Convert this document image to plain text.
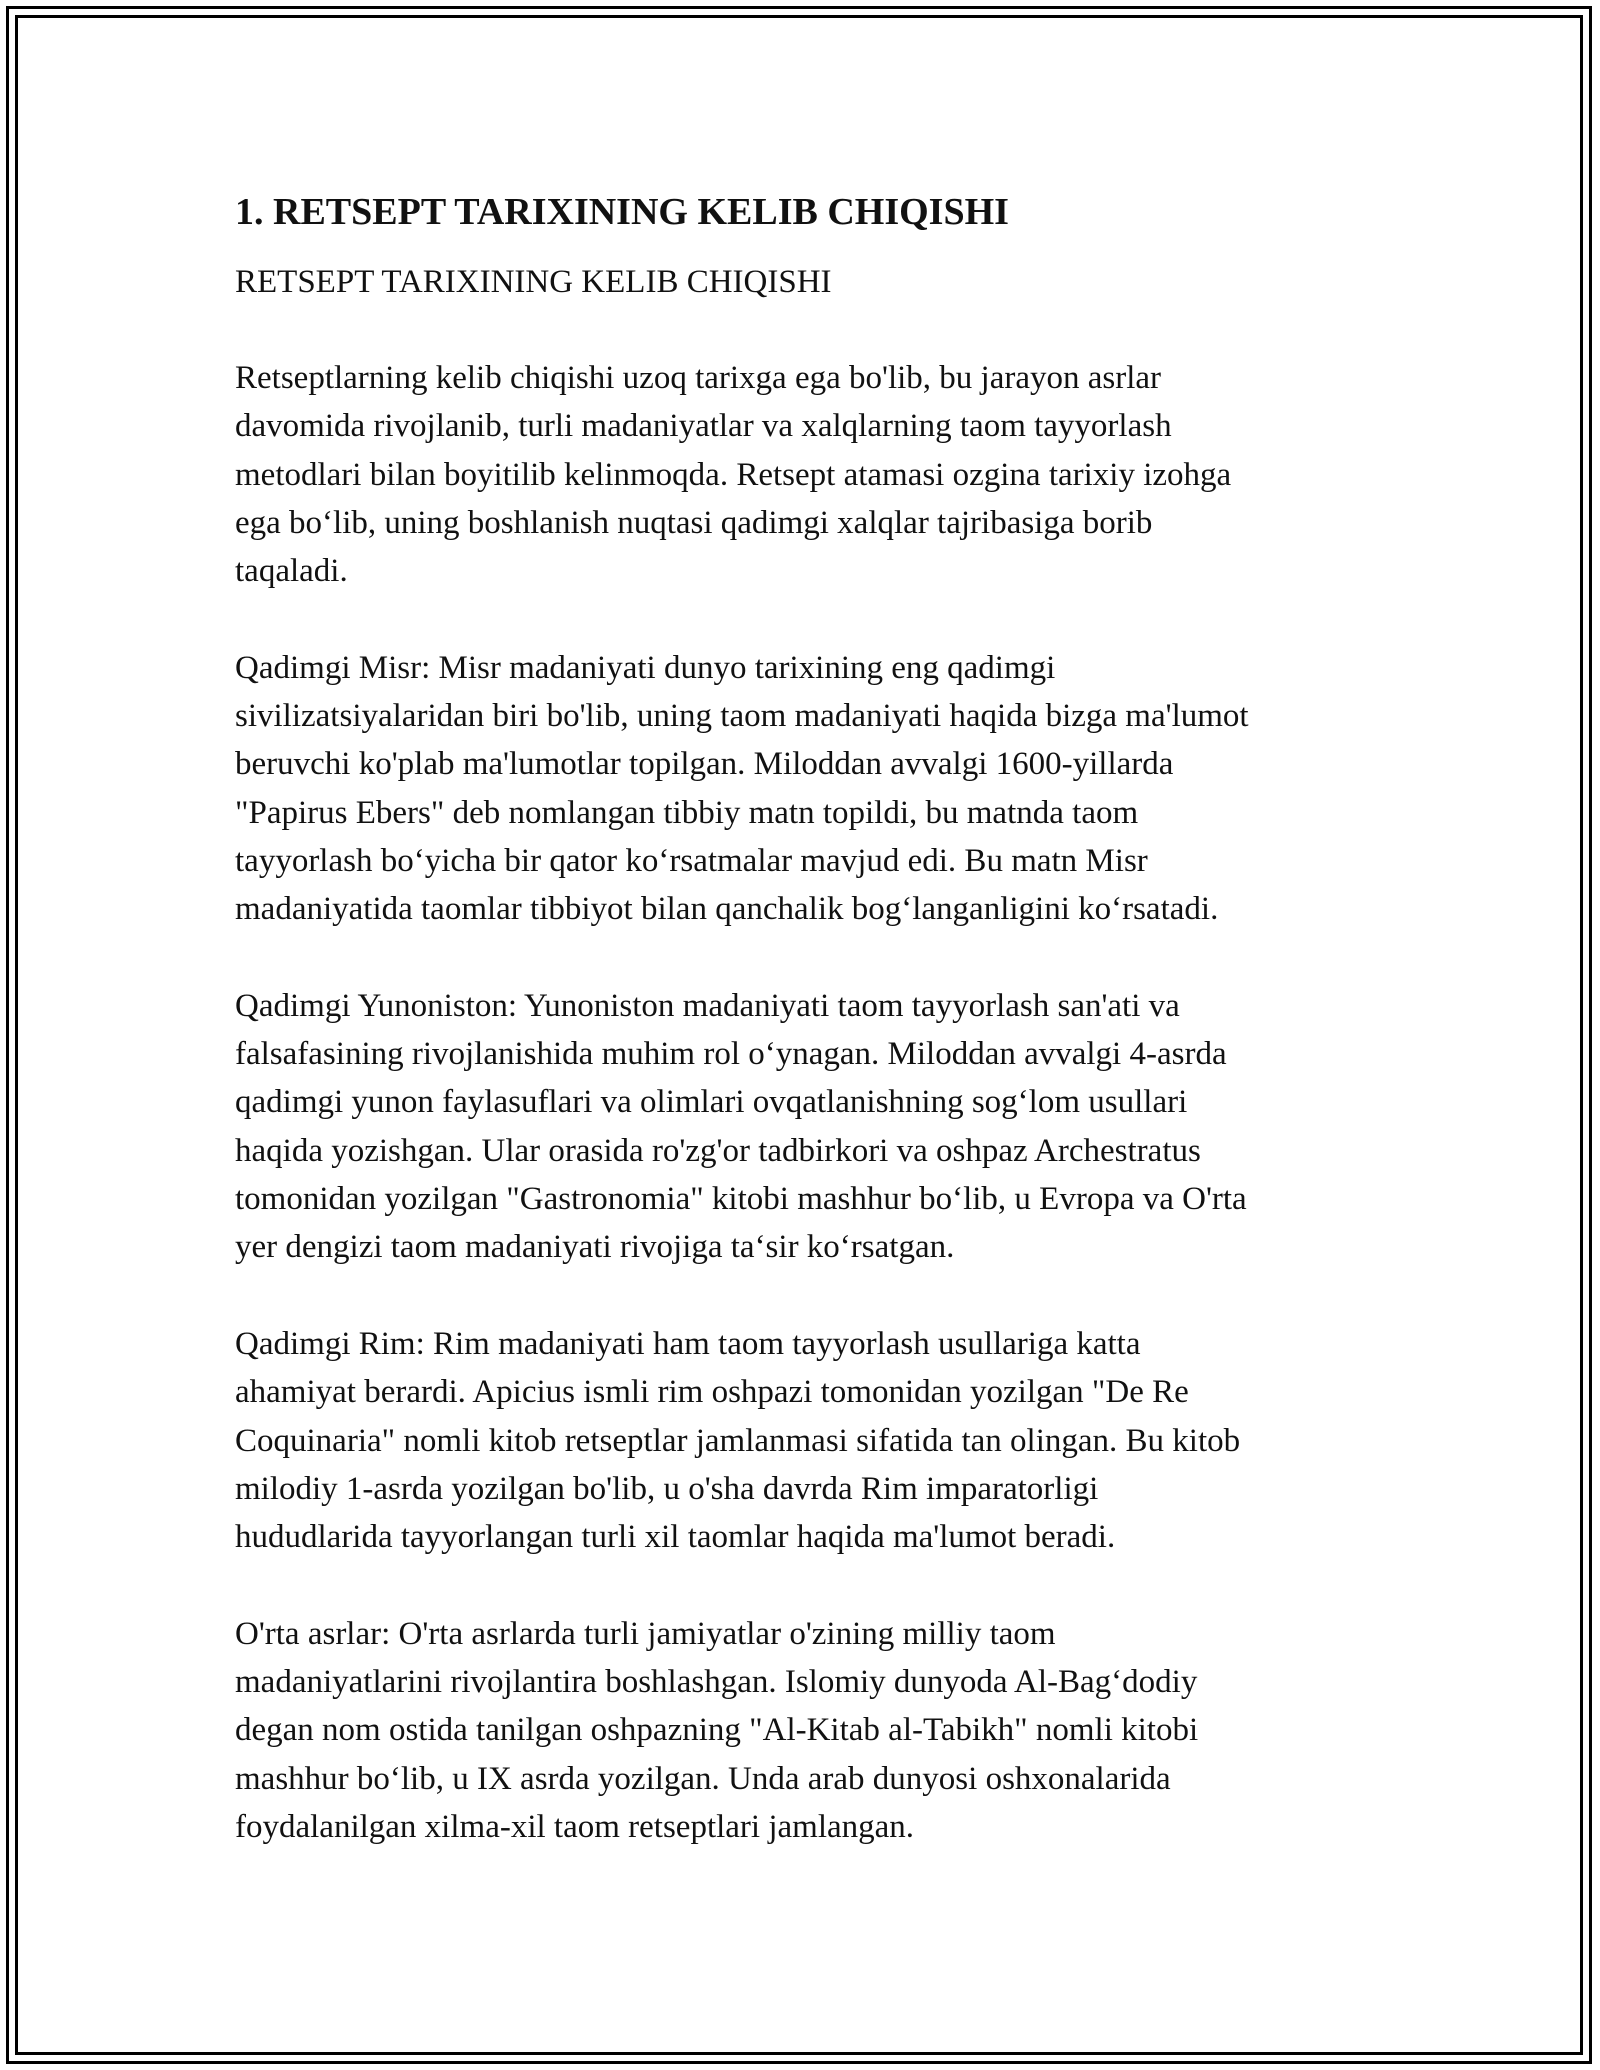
1. RETSEPT TARIXINING KELIB CHIQISHI
RETSEPT TARIXINING KELIB CHIQISHI

Retseptlarning kelib chiqishi uzoq tarixga ega bo'lib, bu jarayon asrlar
davomida rivojlanib, turli madaniyatlar va xalqlarning taom tayyorlash
metodlari bilan boyitilib kelinmoqda. Retsept atamasi ozgina tarixiy izohga
ega bo‘lib, uning boshlanish nuqtasi qadimgi xalqlar tajribasiga borib
taqaladi.

Qadimgi Misr: Misr madaniyati dunyo tarixining eng qadimgi
sivilizatsiyalaridan biri bo'lib, uning taom madaniyati haqida bizga ma'lumot
beruvchi ko'plab ma'lumotlar topilgan. Miloddan avvalgi 1600-yillarda
"Papirus Ebers" deb nomlangan tibbiy matn topildi, bu matnda taom
tayyorlash bo‘yicha bir qator ko‘rsatmalar mavjud edi. Bu matn Misr
madaniyatida taomlar tibbiyot bilan qanchalik bog‘langanligini ko‘rsatadi.

Qadimgi Yunoniston: Yunoniston madaniyati taom tayyorlash san'ati va
falsafasining rivojlanishida muhim rol o‘ynagan. Miloddan avvalgi 4-asrda
qadimgi yunon faylasuflari va olimlari ovqatlanishning sog‘lom usullari
haqida yozishgan. Ular orasida ro'zg'or tadbirkori va oshpaz Archestratus
tomonidan yozilgan "Gastronomia" kitobi mashhur bo‘lib, u Evropa va O'rta
yer dengizi taom madaniyati rivojiga ta‘sir ko‘rsatgan.

Qadimgi Rim: Rim madaniyati ham taom tayyorlash usullariga katta
ahamiyat berardi. Apicius ismli rim oshpazi tomonidan yozilgan "De Re
Coquinaria" nomli kitob retseptlar jamlanmasi sifatida tan olingan. Bu kitob
milodiy 1-asrda yozilgan bo'lib, u o'sha davrda Rim imparatorligi
hududlarida tayyorlangan turli xil taomlar haqida ma'lumot beradi.

O'rta asrlar: O'rta asrlarda turli jamiyatlar o'zining milliy taom
madaniyatlarini rivojlantira boshlashgan. Islomiy dunyoda Al-Bag‘dodiy
degan nom ostida tanilgan oshpazning "Al-Kitab al-Tabikh" nomli kitobi
mashhur bo‘lib, u IX asrda yozilgan. Unda arab dunyosi oshxonalarida
foydalanilgan xilma-xil taom retseptlari jamlangan.
